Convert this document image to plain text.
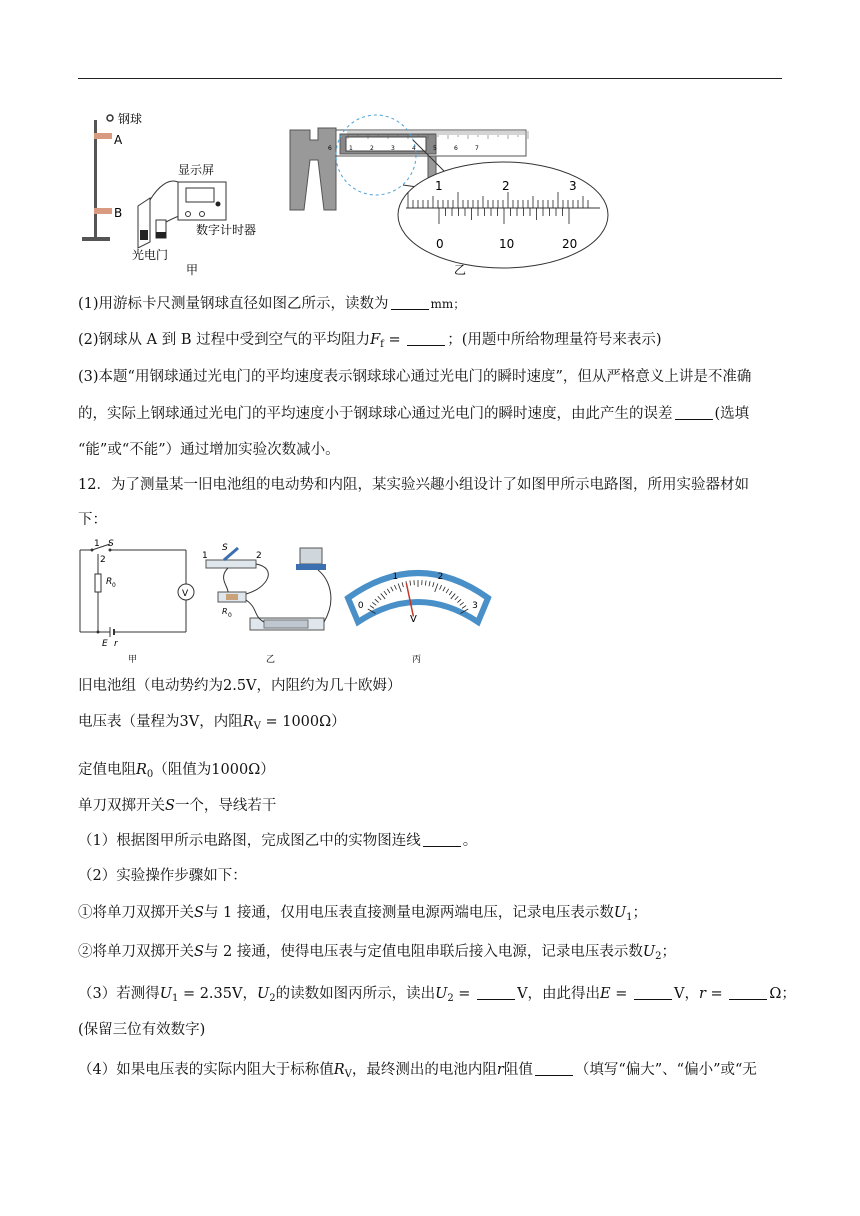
钢球
A
B
光电门
显示屏
数字计时器
甲
6	1	2	3	4	5	6	7
1	2	3
0	10	20
乙
(1)用游标卡尺测量钢球直径如图乙所示，读数为	mm；
(2)钢球从 A 到 B 过程中受到空气的平均阻力$F_f$ =	；(用题中所给物理量符号来表示)
(3)本题“用钢球通过光电门的平均速度表示钢球球心通过光电门的瞬时速度”，但从严格意义上讲是不准确
的，实际上钢球通过光电门的平均速度小于钢球球心通过光电门的瞬时速度，由此产生的误差	(选填
“能”或“不能”）通过增加实验次数减小。
12．为了测量某一旧电池组的电动势和内阻，某实验兴趣小组设计了如图甲所示电路图，所用实验器材如
下：
1 S
2
R 0
V
E r
甲
1
S
2
R 0
乙
0
1	2
3
V
丙
旧电池组（电动势约为2.5V，内阻约为几十欧姆）
电压表（量程为3V，内阻$R_V = 1000\Omega$）
定值电阻$R_0$（阻值为1000Ω）
单刀双掷开关S一个，导线若干
（1）根据图甲所示电路图，完成图乙中的实物图连线	。
（2）实验操作步骤如下：
①将单刀双掷开关S与 1 接通，仅用电压表直接测量电源两端电压，记录电压表示数$U_1$；
②将单刀双掷开关S与 2 接通，使得电压表与定值电阻串联后接入电源，记录电压表示数$U_2$；
（3）若测得$U_1 = 2.35V$，$U_2$的读数如图丙所示，读出$U_2$ =	V，由此得出E =	V，r =	Ω；
(保留三位有效数字)
（4）如果电压表的实际内阻大于标称值$R_V$，最终测出的电池内阻r阻值	（填写“偏大”、“偏小”或“无
